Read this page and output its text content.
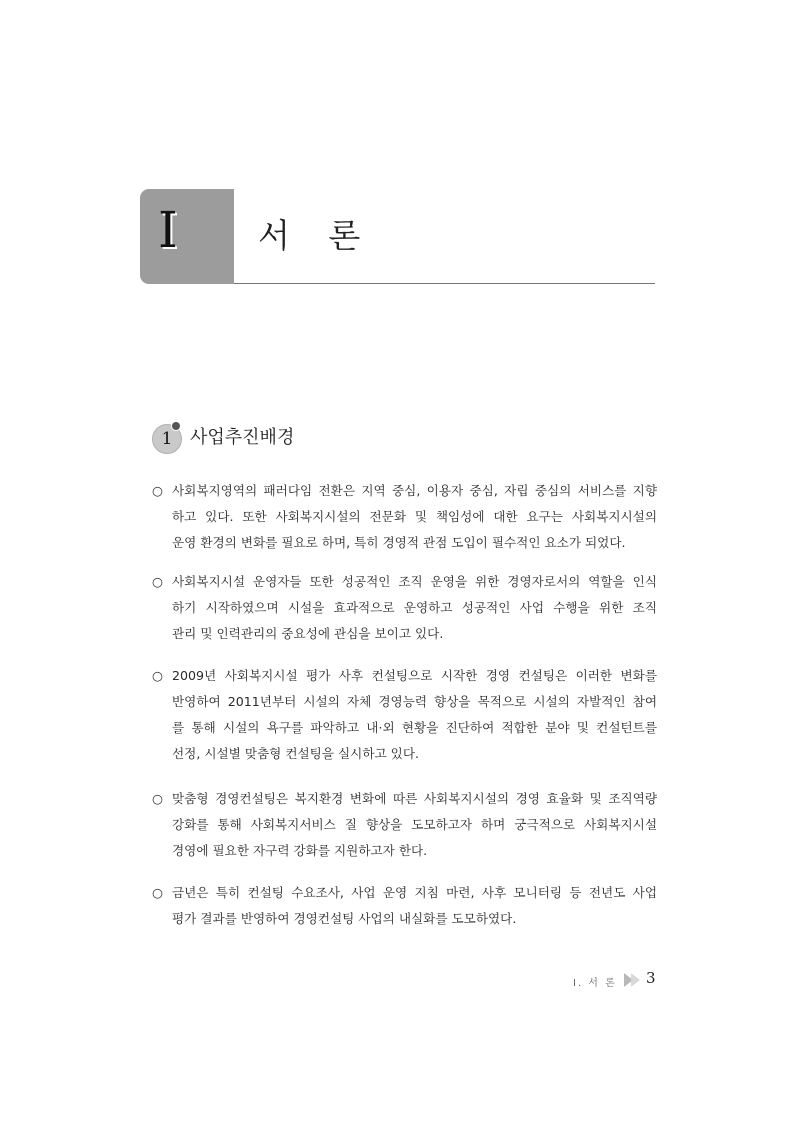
Ⅰ 서 론
1 사업추진배경
○ 사회복지영역의 패러다임 전환은 지역 중심, 이용자 중심, 자립 중심의 서비스를 지향
하고 있다. 또한 사회복지시설의 전문화 및 책임성에 대한 요구는 사회복지시설의
운영 환경의 변화를 필요로 하며, 특히 경영적 관점 도입이 필수적인 요소가 되었다.
○ 사회복지시설 운영자들 또한 성공적인 조직 운영을 위한 경영자로서의 역할을 인식
하기 시작하였으며 시설을 효과적으로 운영하고 성공적인 사업 수행을 위한 조직
관리 및 인력관리의 중요성에 관심을 보이고 있다.
○ 2009년 사회복지시설 평가 사후 컨설팅으로 시작한 경영 컨설팅은 이러한 변화를
반영하여 2011년부터 시설의 자체 경영능력 향상을 목적으로 시설의 자발적인 참여
를 통해 시설의 욕구를 파악하고 내·외 현황을 진단하여 적합한 분야 및 컨설턴트를
선정, 시설별 맞춤형 컨설팅을 실시하고 있다.
○ 맞춤형 경영컨설팅은 복지환경 변화에 따른 사회복지시설의 경영 효율화 및 조직역량
강화를 통해 사회복지서비스 질 향상을 도모하고자 하며 궁극적으로 사회복지시설
경영에 필요한 자구력 강화를 지원하고자 한다.
○ 금년은 특히 컨설팅 수요조사, 사업 운영 지침 마련, 사후 모니터링 등 전년도 사업
평가 결과를 반영하여 경영컨설팅 사업의 내실화를 도모하였다.
Ⅰ. 서 론 3
